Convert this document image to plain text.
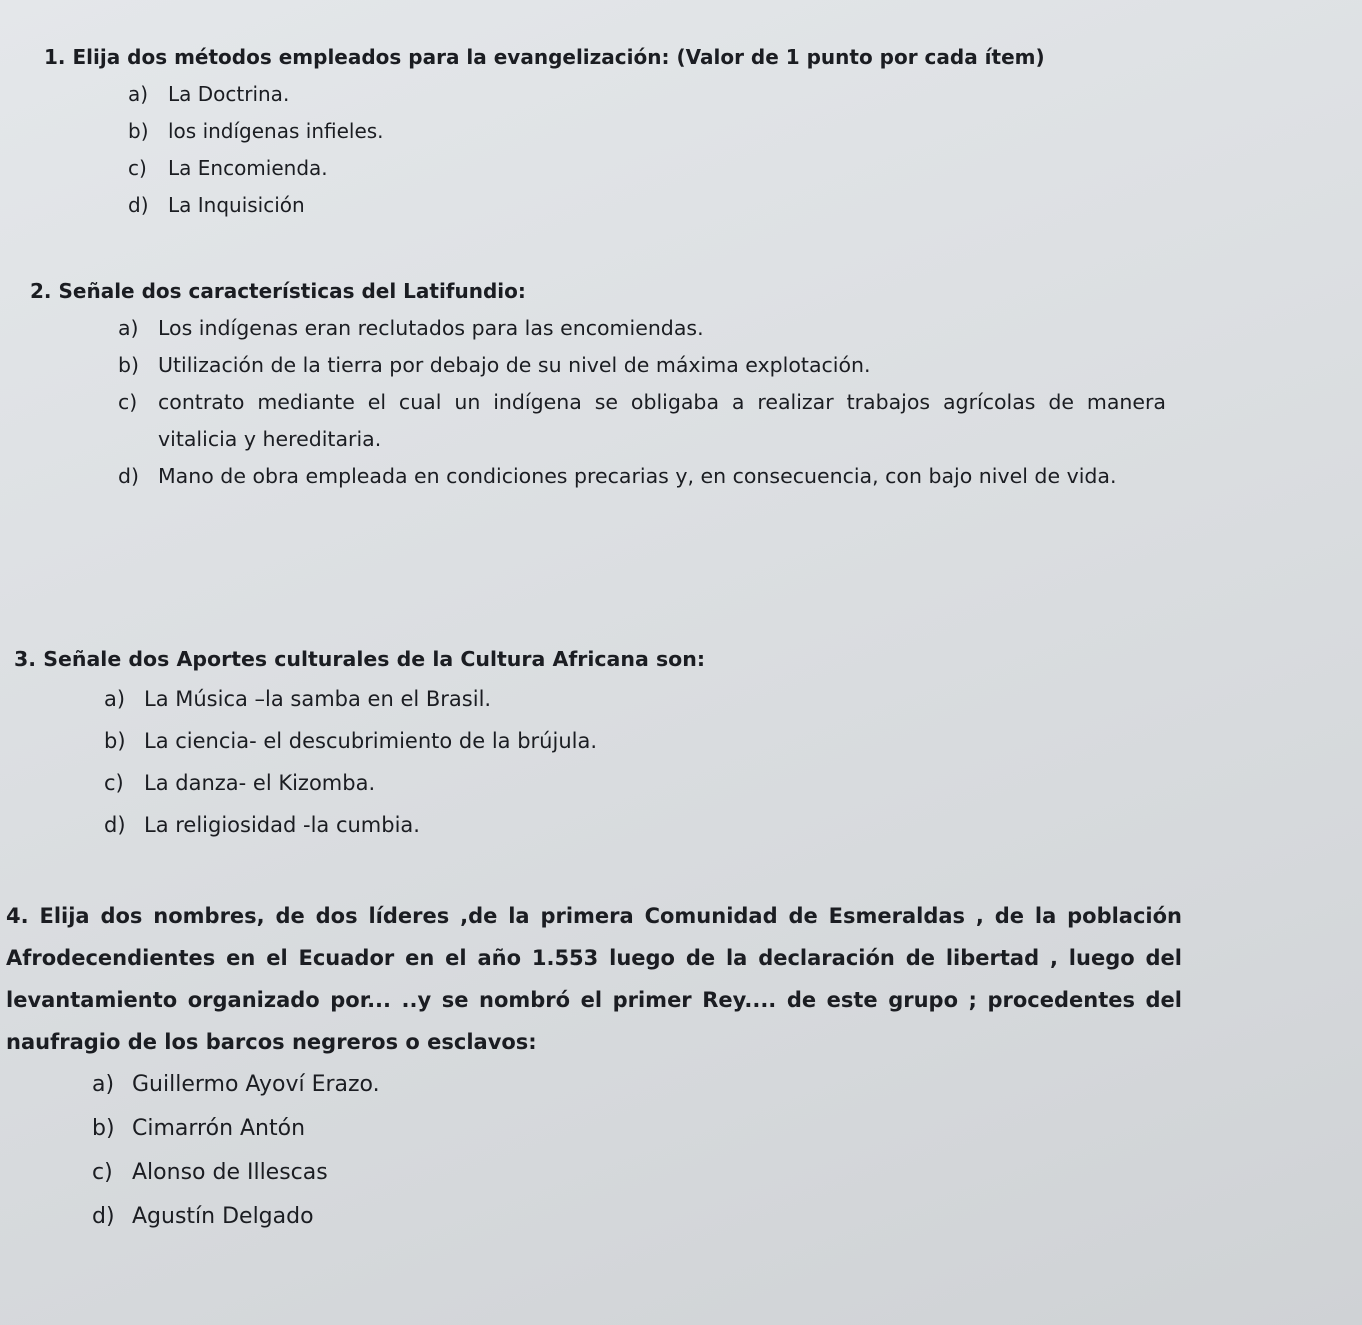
1. Elija dos métodos empleados para la evangelización: (Valor de 1 punto por cada ítem)
a) La Doctrina.
b) los indígenas infieles.
c)	La Encomienda.
d) La Inquisición
2. Señale dos características del Latifundio:
a) Los indígenas eran reclutados para las encomiendas.
b) Utilización de la tierra por debajo de su nivel de máxima explotación.
c)	contrato mediante el cual un indígena se obligaba a realizar trabajos agrícolas de manera vitalicia y hereditaria.
d) Mano de obra empleada en condiciones precarias y, en consecuencia, con bajo nivel de vida.
3. Señale dos Aportes culturales de la Cultura Africana son:
a) La Música –la samba en el Brasil.
b) La ciencia- el descubrimiento de la brújula.
c) La danza- el Kizomba.
d) La religiosidad -la cumbia.
4. Elija dos nombres, de dos líderes ,de la primera Comunidad de Esmeraldas , de la población Afrodecendientes en el Ecuador en el año 1.553 luego de la declaración de libertad , luego del levantamiento organizado por... ..y se nombró el primer Rey.... de este grupo ; procedentes del naufragio de los barcos negreros o esclavos:
a) Guillermo Ayoví Erazo.
b) Cimarrón Antón
c) Alonso de Illescas
d) Agustín Delgado
